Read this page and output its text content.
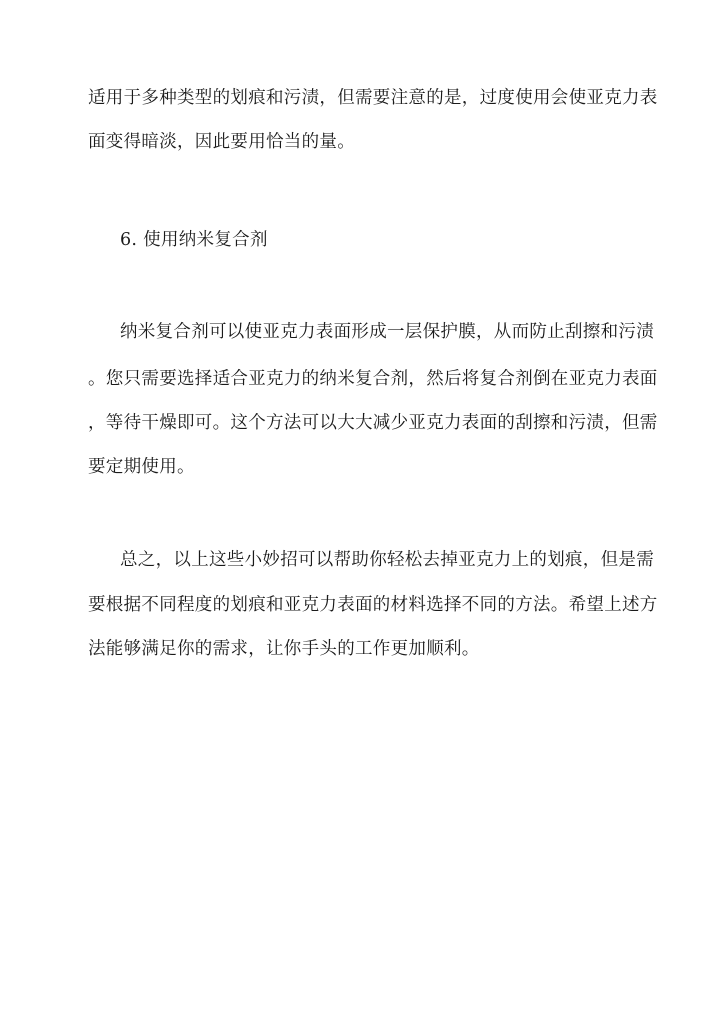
适用于多种类型的划痕和污渍，但需要注意的是，过度使用会使亚克力表
面变得暗淡，因此要用恰当的量。
6. 使用纳米复合剂
纳米复合剂可以使亚克力表面形成一层保护膜，从而防止刮擦和污渍
。您只需要选择适合亚克力的纳米复合剂，然后将复合剂倒在亚克力表面
，等待干燥即可。这个方法可以大大减少亚克力表面的刮擦和污渍，但需
要定期使用。
总之，以上这些小妙招可以帮助你轻松去掉亚克力上的划痕，但是需
要根据不同程度的划痕和亚克力表面的材料选择不同的方法。希望上述方
法能够满足你的需求，让你手头的工作更加顺利。
